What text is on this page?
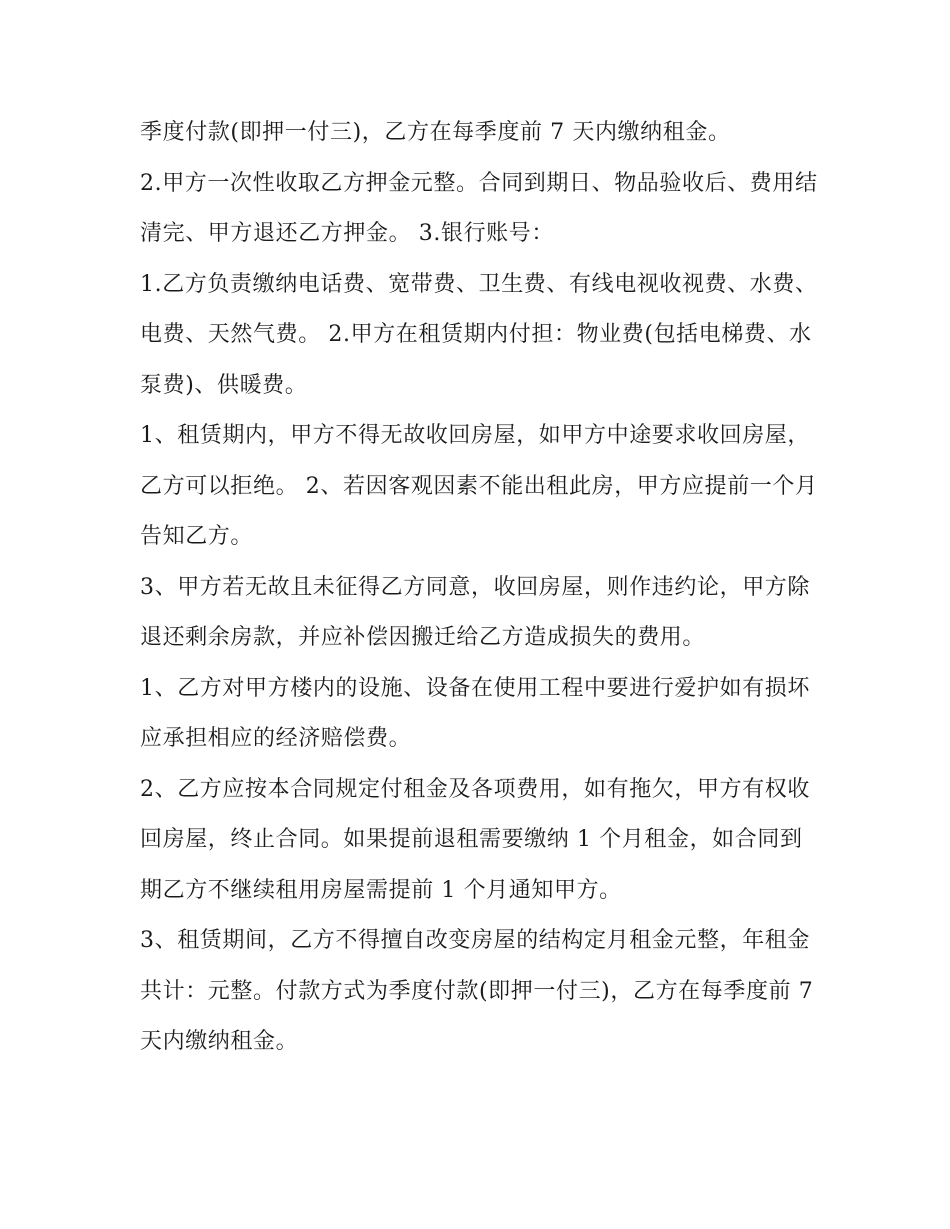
季度付款(即押一付三)，乙方在每季度前 7 天内缴纳租金。

2.甲方一次性收取乙方押金元整。合同到期日、物品验收后、费用结清完、甲方退还乙方押金。 3.银行账号：

1.乙方负责缴纳电话费、宽带费、卫生费、有线电视收视费、水费、电费、天然气费。 2.甲方在租赁期内付担：物业费(包括电梯费、水泵费)、供暖费。

1、租赁期内，甲方不得无故收回房屋，如甲方中途要求收回房屋，乙方可以拒绝。 2、若因客观因素不能出租此房，甲方应提前一个月告知乙方。

3、甲方若无故且未征得乙方同意，收回房屋，则作违约论，甲方除退还剩余房款，并应补偿因搬迁给乙方造成损失的费用。

1、乙方对甲方楼内的设施、设备在使用工程中要进行爱护如有损坏应承担相应的经济赔偿费。

2、乙方应按本合同规定付租金及各项费用，如有拖欠，甲方有权收回房屋，终止合同。如果提前退租需要缴纳 1 个月租金，如合同到期乙方不继续租用房屋需提前 1 个月通知甲方。

3、租赁期间，乙方不得擅自改变房屋的结构定月租金元整，年租金共计：元整。付款方式为季度付款(即押一付三)，乙方在每季度前 7 天内缴纳租金。
